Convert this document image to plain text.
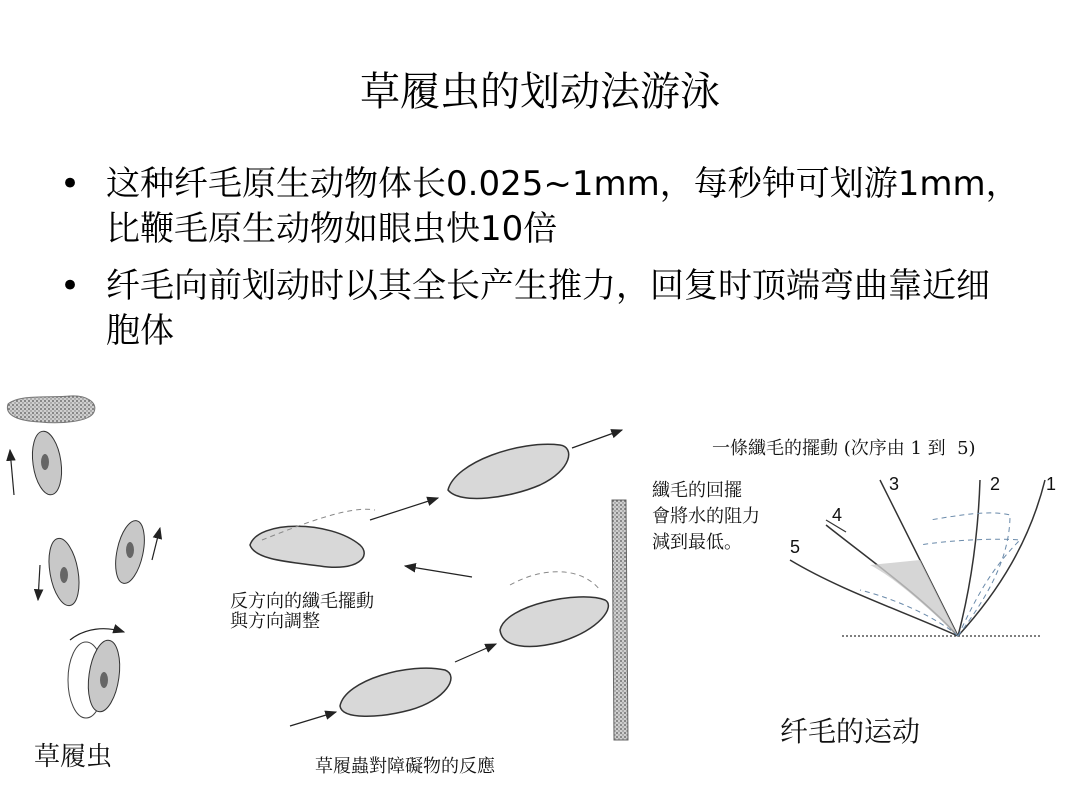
草履虫的划动法游泳
• 这种纤毛原生动物体长0.025~1mm，每秒钟可划游1mm，比鞭毛原生动物如眼虫快10倍
• 纤毛向前划动时以其全长产生推力，回复时顶端弯曲靠近细胞体
草履虫
反方向的纖毛擺動
與方向調整
草履蟲對障礙物的反應
一條纖毛的擺動 (次序由 1 到  5)
纖毛的回擺
會將水的阻力
減到最低。
纤毛的运动
1
2
3
4
5
